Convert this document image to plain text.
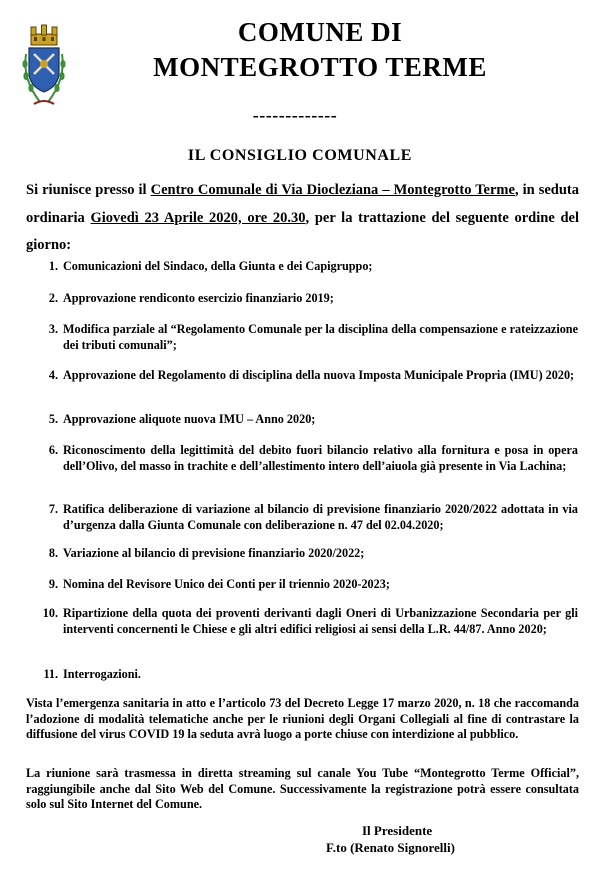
COMUNE DI
MONTEGROTTO TERME
-------------
IL CONSIGLIO COMUNALE
Si riunisce presso il Centro Comunale di Via Diocleziana – Montegrotto Terme, in seduta ordinaria Giovedì 23 Aprile 2020, ore 20.30, per la trattazione del seguente ordine del giorno:
1. Comunicazioni del Sindaco, della Giunta e dei Capigruppo;
2. Approvazione rendiconto esercizio finanziario 2019;
3. Modifica parziale al “Regolamento Comunale per la disciplina della compensazione e rateizzazione dei tributi comunali”;
4. Approvazione del Regolamento di disciplina della nuova Imposta Municipale Propria (IMU) 2020;
5. Approvazione aliquote nuova IMU – Anno 2020;
6. Riconoscimento della legittimità del debito fuori bilancio relativo alla fornitura e posa in opera dell’Olivo, del masso in trachite e dell’allestimento intero dell’aiuola già presente in Via Lachina;
7. Ratifica deliberazione di variazione al bilancio di previsione finanziario 2020/2022 adottata in via d’urgenza dalla Giunta Comunale con deliberazione n. 47 del 02.04.2020;
8. Variazione al bilancio di previsione finanziario 2020/2022;
9. Nomina del Revisore Unico dei Conti per il triennio 2020-2023;
10. Ripartizione della quota dei proventi derivanti dagli Oneri di Urbanizzazione Secondaria per gli interventi concernenti le Chiese e gli altri edifici religiosi ai sensi della L.R. 44/87. Anno 2020;
11. Interrogazioni.
Vista l’emergenza sanitaria in atto e l’articolo 73 del Decreto Legge 17 marzo 2020, n. 18 che raccomanda l’adozione di modalità telematiche anche per le riunioni degli Organi Collegiali al fine di contrastare la diffusione del virus COVID 19 la seduta avrà luogo a porte chiuse con interdizione al pubblico.
La riunione sarà trasmessa in diretta streaming sul canale You Tube “Montegrotto Terme Official”, raggiungibile anche dal Sito Web del Comune. Successivamente la registrazione potrà essere consultata solo sul Sito Internet del Comune.
Il Presidente
F.to (Renato Signorelli)
